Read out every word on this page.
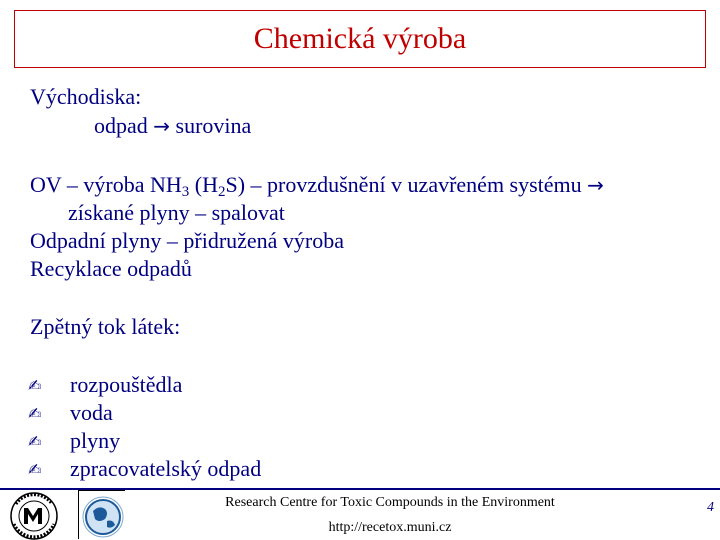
Chemická výroba
Východiska:
odpad → surovina
OV – výroba $NH_3$ $(H_2S)$ – provzdušnění v uzavřeném systému →
získané plyny – spalovat
Odpadní plyny – přidružená výroba
Recyklace odpadů
Zpětný tok látek:
✍ rozpouštědla
✍ voda
✍ plyny
✍ zpracovatelský odpad
Research Centre for Toxic Compounds in the Environment
http://recetox.muni.cz
4
